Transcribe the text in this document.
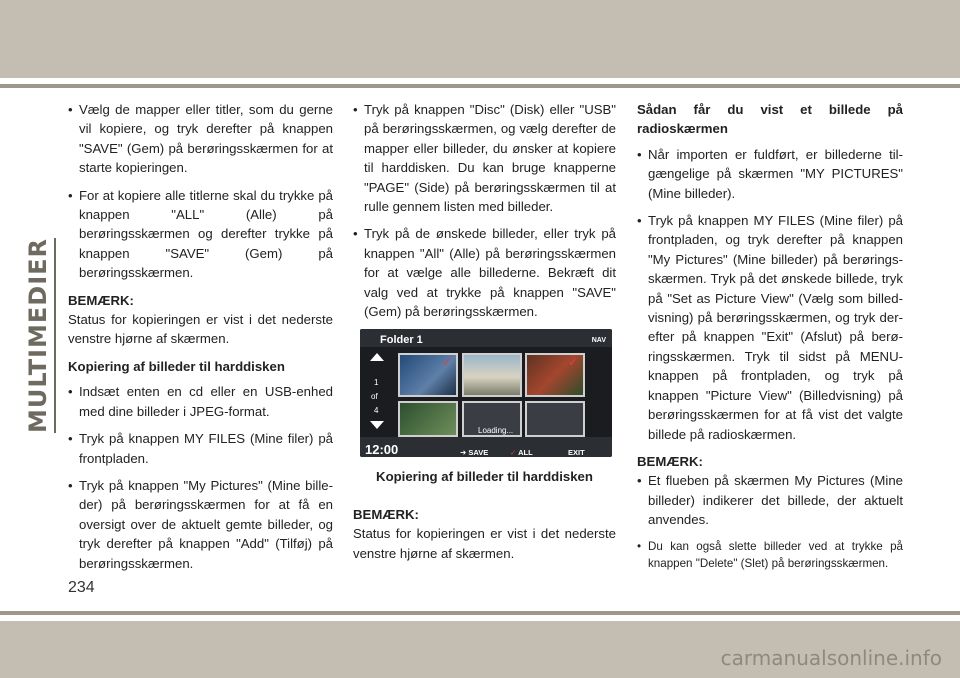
MULTIMEDIER
• Vælg de mapper eller titler, som du gerne vil kopiere, og tryk derefter på knappen "SAVE" (Gem) på berøringsskærmen for at starte kopieringen.
• For at kopiere alle titlerne skal du trykke på knappen "ALL" (Alle) på berøringsskærmen og derefter trykke på knappen "SAVE" (Gem) på berøringsskærmen.

BEMÆRK:

Status for kopieringen er vist i det nederste venstre hjørne af skærmen.

Kopiering af billeder til harddisken

• Indsæt enten en cd eller en USB-enhed med dine billeder i JPEG-format.
• Tryk på knappen MY FILES (Mine filer) på frontpladen.
• Tryk på knappen "My Pictures" (Mine billeder) på berøringsskærmen for at få en oversigt over de aktuelt gemte billeder, og tryk derefter på knappen "Add" (Tilføj) på berøringsskærmen.
• Tryk på knappen "Disc" (Disk) eller "USB" på berøringsskærmen, og vælg derefter de mapper eller billeder, du ønsker at kopiere til harddisken. Du kan bruge knapperne "PAGE" (Side) på berøringsskærmen til at rulle gennem listen med billeder.
• Tryk på de ønskede billeder, eller tryk på knappen "All" (Alle) på berøringsskærmen for at vælge alle billederne. Bekræft dit valg ved at trykke på knappen "SAVE" (Gem) på berøringsskærmen.
Folder 1	NAV
1
of
4
✓	✓
Loading...
12:00	➜ SAVE	✓ ALL	EXIT

Kopiering af billeder til harddisken

BEMÆRK:

Status for kopieringen er vist i det nederste venstre hjørne af skærmen.

Sådan får du vist et billede på radioskærmen

• Når importen er fuldført, er billederne tilgængelige på skærmen "MY PICTURES" (Mine billeder).
• Tryk på knappen MY FILES (Mine filer) på frontpladen, og tryk derefter på knappen "My Pictures" (Mine billeder) på berøringsskærmen. Tryk på det ønskede billede, tryk på "Set as Picture View" (Vælg som billedvisning) på berøringsskærmen, og tryk derefter på knappen "Exit" (Afslut) på berøringsskærmen. Tryk til sidst på MENU-knappen på frontpladen, og tryk på knappen "Picture View" (Billedvisning) på berøringsskærmen for at få vist det valgte billede på radioskærmen.

BEMÆRK:

• Et flueben på skærmen My Pictures (Mine billeder) indikerer det billede, der aktuelt anvendes.
• Du kan også slette billeder ved at trykke på knappen "Delete" (Slet) på berøringsskærmen.
234
carmanualsonline.info
